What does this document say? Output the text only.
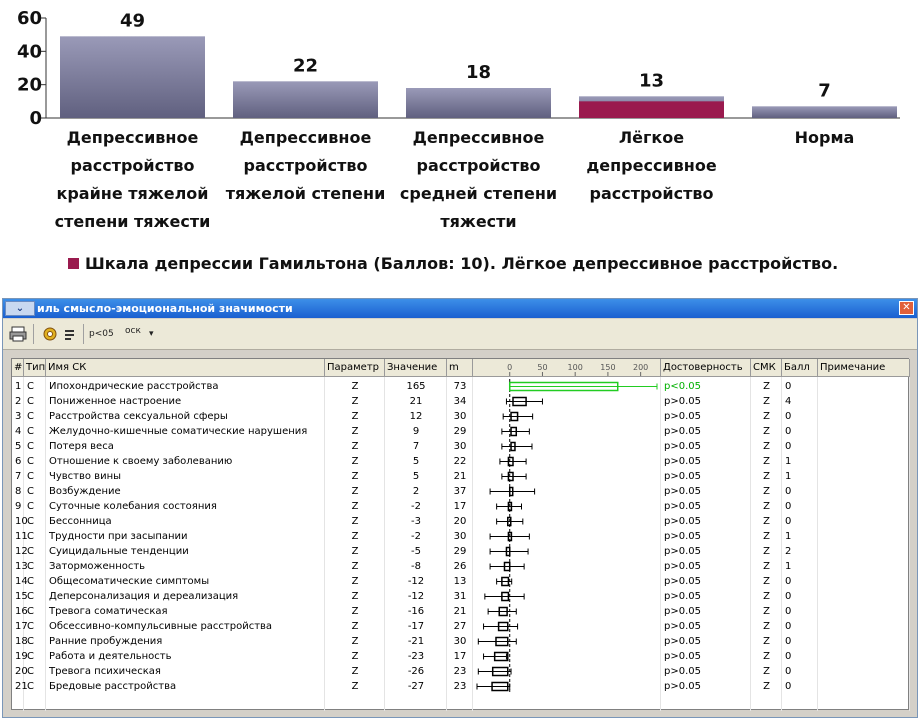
0
20
40
60	49
22	18	13	7
Депрессивное
расстройство
крайне тяжелой
степени тяжести
Депрессивное
расстройство
тяжелой степени
Депрессивное
расстройство
средней степени
тяжести
Лёгкое
депрессивное
расстройство
Норма
Шкала депрессии Гамильтона (Баллов: 10). Лёгкое депрессивное расстройство.
⌄	иль смысло-эмоциональной значимости	✕
p<05	оск ▾
# Тип Имя СК	Параметр Значение	m	Достоверность	СМК Балл	Примечание
1 C	Ипохондрические расстройства	Z	165	73	p<0.05	Z	0
2 C	Пониженное настроение	Z	21	34	p>0.05	Z	4
3 C	Расстройства сексуальной сферы	Z	12	30	p>0.05	Z	0
4 C	Желудочно-кишечные соматические нарушения	Z	9	29	p>0.05	Z	0
5 C	Потеря веса	Z	7	30	p>0.05	Z	0
6 C	Отношение к своему заболеванию	Z	5	22	p>0.05	Z	1
7 C	Чувство вины	Z	5	21	p>0.05	Z	1
8 C	Возбуждение	Z	2	37	p>0.05	Z	0
9 C	Суточные колебания состояния	Z	-2	17	p>0.05	Z	0
10 C	Бессонница	Z	-3	20	p>0.05	Z	0
11 C	Трудности при засыпании	Z	-2	30	p>0.05	Z	1
12 C	Суицидальные тенденции	Z	-5	29	p>0.05	Z	2
13 C	Заторможенность	Z	-8	26	p>0.05	Z	1
14 C	Общесоматические симптомы	Z	-12	13	p>0.05	Z	0
15 C	Деперсонализация и дереализация	Z	-12	31	p>0.05	Z	0
16 C	Тревога соматическая	Z	-16	21	p>0.05	Z	0
17 C	Обсессивно-компульсивные расстройства	Z	-17	27	p>0.05	Z	0
18 C	Ранние пробуждения	Z	-21	30	p>0.05	Z	0
19 C	Работа и деятельность	Z	-23	17	p>0.05	Z	0
20 C	Тревога психическая	Z	-26	23	p>0.05	Z	0
21 C	Бредовые расстройства	Z	-27	23	p>0.05	Z	0
0	50 100 150 200
